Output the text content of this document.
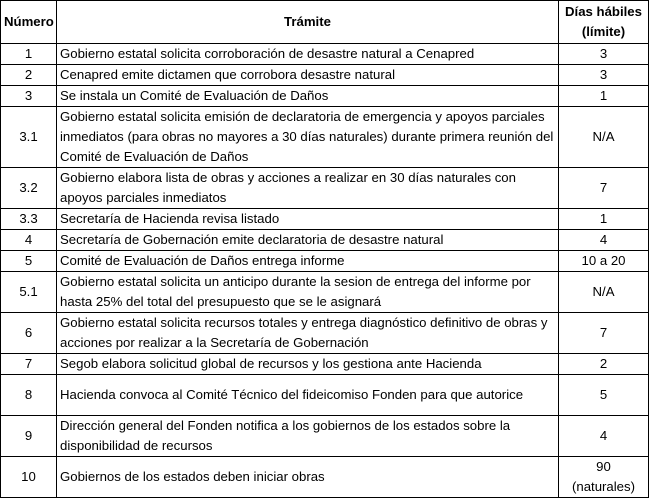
Número	Trámite	Días hábiles
(límite)
1	Gobierno estatal solicita corroboración de desastre natural a Cenapred	3
2	Cenapred emite dictamen que corrobora desastre natural	3
3	Se instala un Comité de Evaluación de Daños	1
3.1	Gobierno estatal solicita emisión de declaratoria de emergencia y apoyos parciales inmediatos (para obras no mayores a 30 días naturales) durante primera reunión del Comité de Evaluación de Daños	N/A
3.2	Gobierno elabora lista de obras y acciones a realizar en 30 días naturales con apoyos parciales inmediatos	7
3.3	Secretaría de Hacienda revisa listado	1
4	Secretaría de Gobernación emite declaratoria de desastre natural	4
5	Comité de Evaluación de Daños entrega informe	10 a 20
5.1	Gobierno estatal solicita un anticipo durante la sesion de entrega del informe por hasta 25% del total del presupuesto que se le asignará	N/A
6	Gobierno estatal solicita recursos totales y entrega diagnóstico definitivo de obras y acciones por realizar a la Secretaría de Gobernación	7
7	Segob elabora solicitud global de recursos y los gestiona ante Hacienda	2
8	Hacienda convoca al Comité Técnico del fideicomiso Fonden para que autorice	5
9	Dirección general del Fonden notifica a los gobiernos de los estados sobre la disponibilidad de recursos	4
10	Gobiernos de los estados deben iniciar obras	90
(naturales)
